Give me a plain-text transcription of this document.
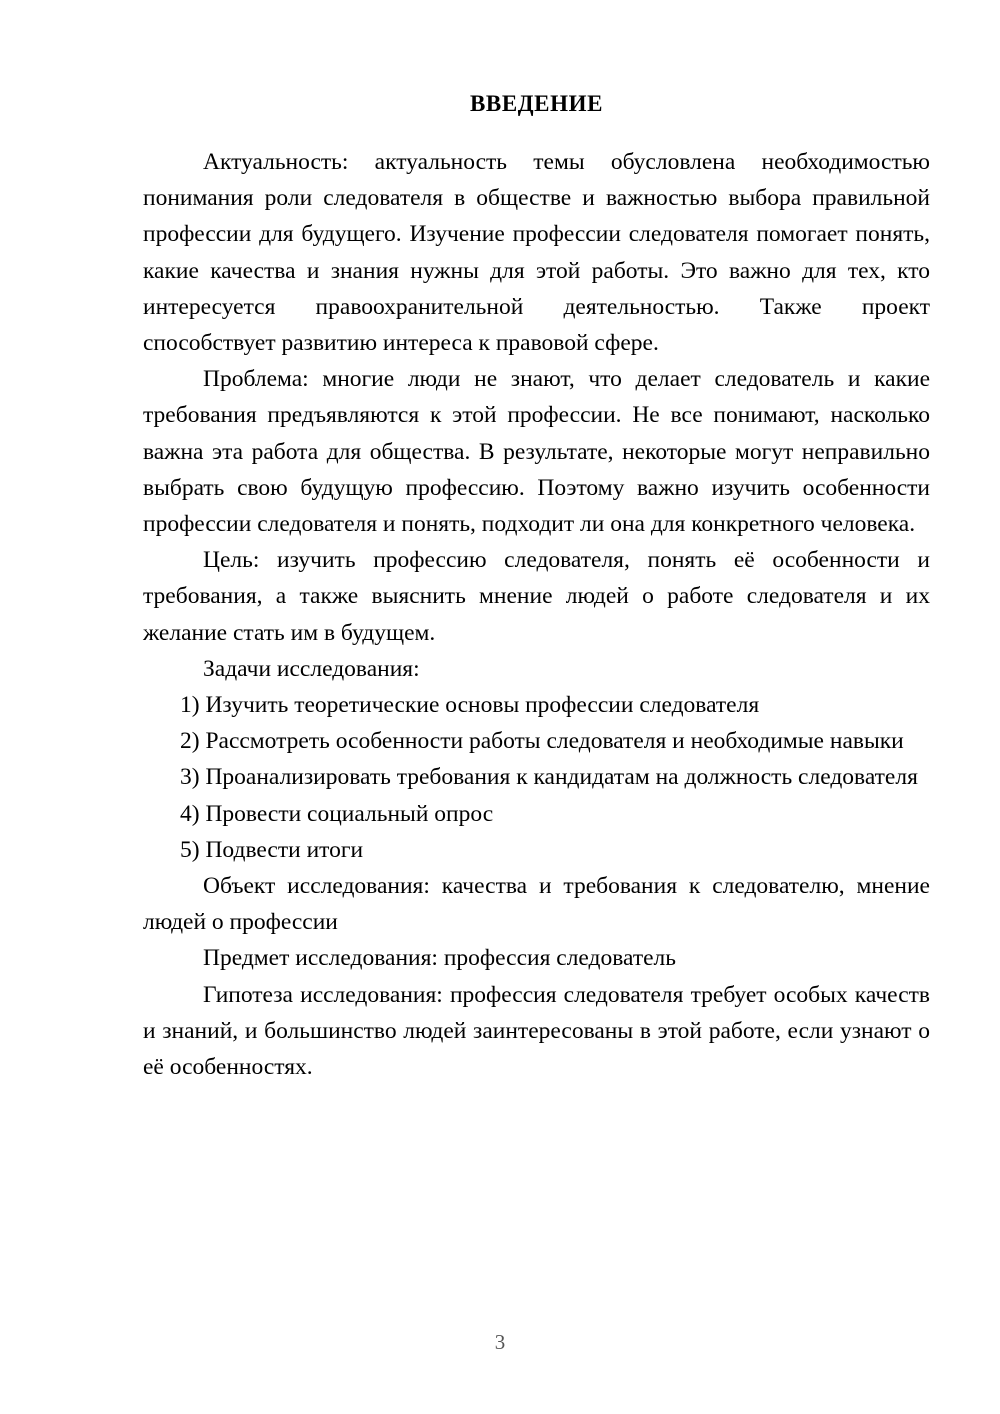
ВВЕДЕНИЕ

Актуальность: актуальность темы обусловлена необходимостью понимания роли следователя в обществе и важностью выбора правильной профессии для будущего. Изучение профессии следователя помогает понять, какие качества и знания нужны для этой работы. Это важно для тех, кто интересуется правоохранительной деятельностью. Также проект способствует развитию интереса к правовой сфере.

Проблема: многие люди не знают, что делает следователь и какие требования предъявляются к этой профессии. Не все понимают, насколько важна эта работа для общества. В результате, некоторые могут неправильно выбрать свою будущую профессию. Поэтому важно изучить особенности профессии следователя и понять, подходит ли она для конкретного человека.

Цель: изучить профессию следователя, понять её особенности и требования, а также выяснить мнение людей о работе следователя и их желание стать им в будущем.

Задачи исследования:

1) Изучить теоретические основы профессии следователя

2) Рассмотреть особенности работы следователя и необходимые навыки

3) Проанализировать требования к кандидатам на должность следователя

4) Провести социальный опрос

5) Подвести итоги

Объект исследования: качества и требования к следователю, мнение людей о профессии

Предмет исследования: профессия следователь

Гипотеза исследования: профессия следователя требует особых качеств и знаний, и большинство людей заинтересованы в этой работе, если узнают о её особенностях.

3
